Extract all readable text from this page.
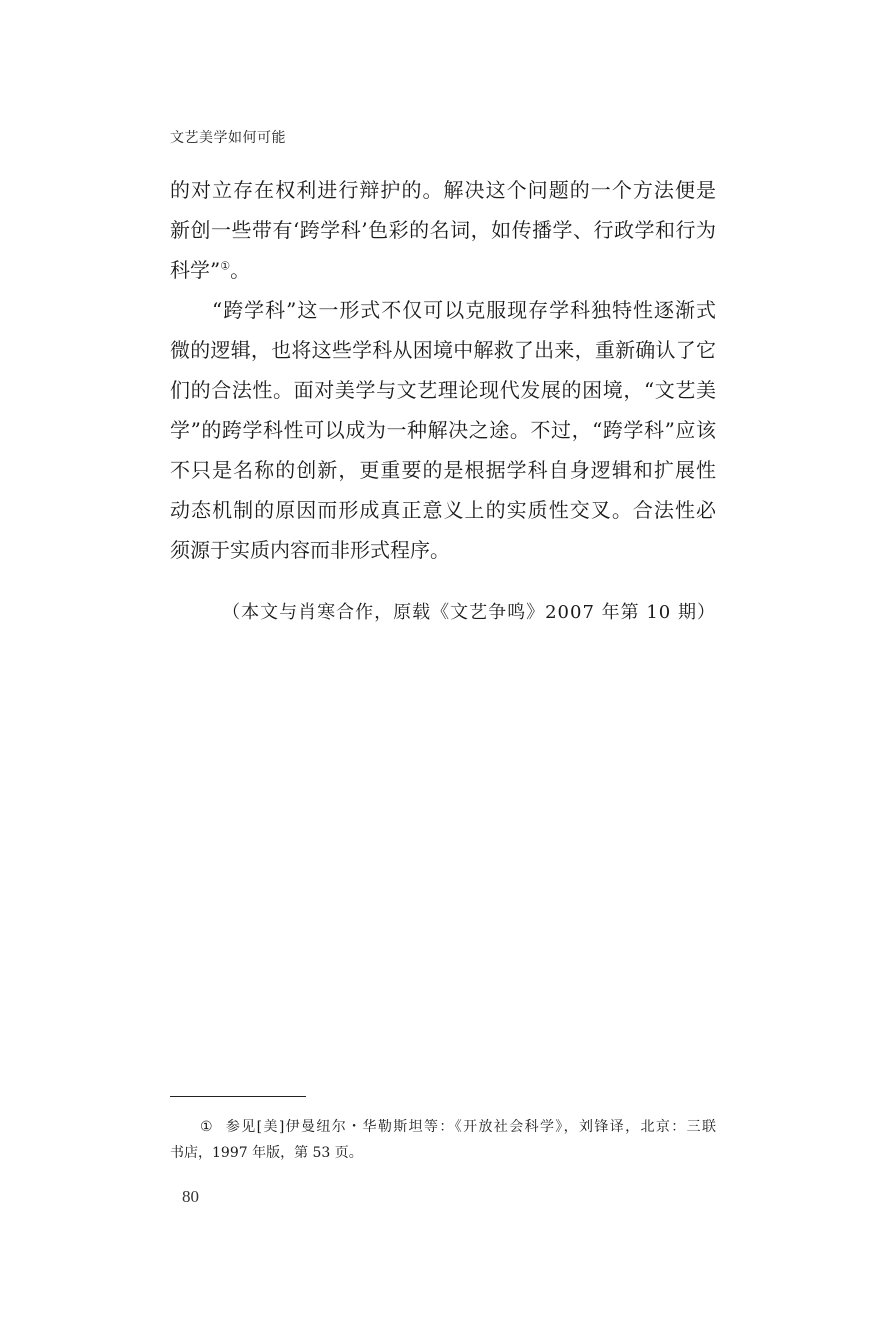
文艺美学如何可能
的对立存在权利进行辩护的。解决这个问题的一个方法便是
新创一些带有‘跨学科’色彩的名词，如传播学、行政学和行为
科学”①。
“跨学科”这一形式不仅可以克服现存学科独特性逐渐式
微的逻辑，也将这些学科从困境中解救了出来，重新确认了它
们的合法性。面对美学与文艺理论现代发展的困境，“文艺美
学”的跨学科性可以成为一种解决之途。不过，“跨学科”应该
不只是名称的创新，更重要的是根据学科自身逻辑和扩展性
动态机制的原因而形成真正意义上的实质性交叉。合法性必
须源于实质内容而非形式程序。
（本文与肖寒合作，原载《文艺争鸣》2007 年第 10 期）
① 参见[美]伊曼纽尔・华勒斯坦等：《开放社会科学》，刘锋译，北京：三联
书店，1997 年版，第 53 页。
80
